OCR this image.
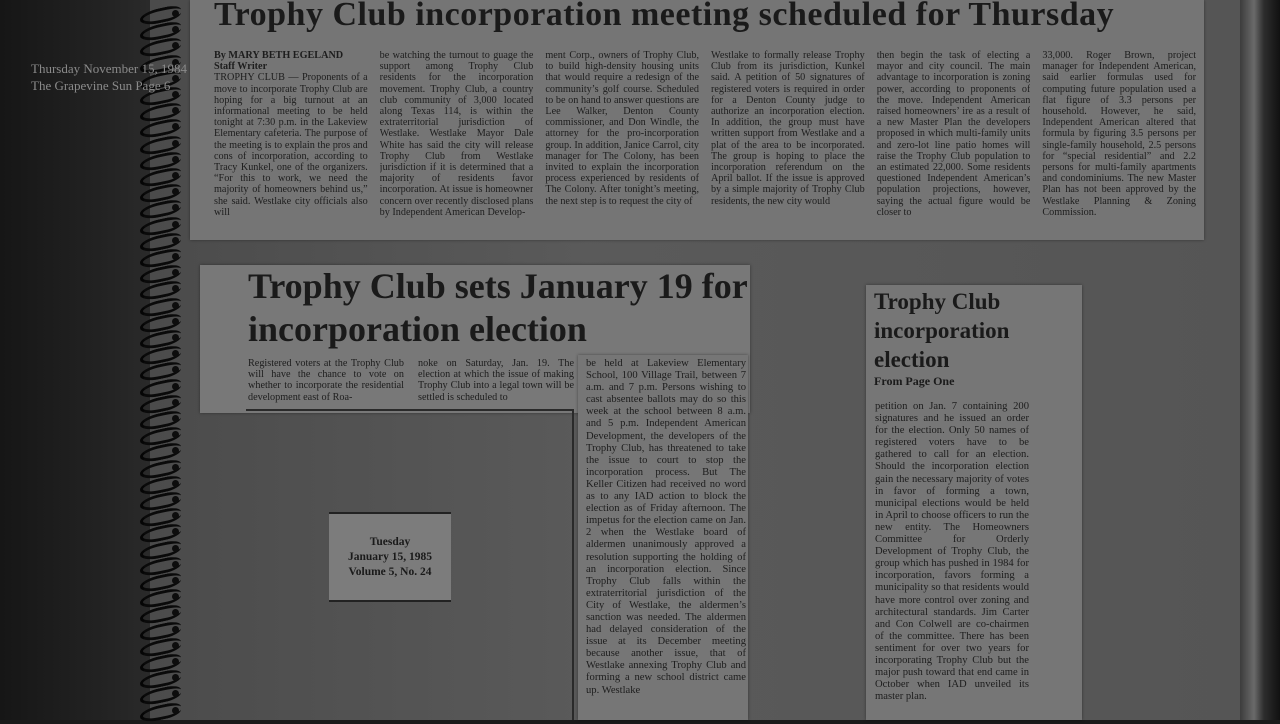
Thursday November 15, 1984
The Grapevine Sun Page 6
Trophy Club incorporation meeting scheduled for Thursday
By MARY BETH EGELAND
Staff Writer
TROPHY CLUB — Proponents of a move to incorporate Trophy Club are hoping for a big turnout at an informational meeting to be held tonight at 7:30 p.m. in the Lakeview Elementary cafeteria. The purpose of the meeting is to explain the pros and cons of incorporation, according to Tracy Kunkel, one of the organizers. “For this to work, we need the majority of homeowners behind us,” she said. Westlake city officials also will
be watching the turnout to guage the support among Trophy Club residents for the incorporation movement. Trophy Club, a country club community of 3,000 located along Texas 114, is within the extraterritorial jurisdiction of Westlake. Westlake Mayor Dale White has said the city will release Trophy Club from Westlake jurisdiction if it is determined that a majority of residents favor incorporation. At issue is homeowner concern over recently disclosed plans by Independent American Develop-
ment Corp., owners of Trophy Club, to build high-density housing units that would require a redesign of the community’s golf course. Scheduled to be on hand to answer questions are Lee Walker, Denton County commissioner, and Don Windle, the attorney for the pro-incorporation group. In addition, Janice Carrol, city manager for The Colony, has been invited to explain the incorporation process experienced by residents of The Colony. After tonight’s meeting, the next step is to request the city of
Westlake to formally release Trophy Club from its jurisdiction, Kunkel said. A petition of 50 signatures of registered voters is required in order for a Denton County judge to authorize an incorporation election. In addition, the group must have written support from Westlake and a plat of the area to be incorporated. The group is hoping to place the incorporation referendum on the April ballot. If the issue is approved by a simple majority of Trophy Club residents, the new city would
then begin the task of electing a mayor and city council. The main advantage to incorporation is zoning power, according to proponents of the move. Independent American raised homeowners’ ire as a result of a new Master Plan the developers proposed in which multi-family units and zero-lot line patio homes will raise the Trophy Club population to an estimated 22,000. Some residents questioned Independent American’s population projections, however, saying the actual figure would be closer to
33,000. Roger Brown, project manager for Independent American, said earlier formulas used for computing future population used a flat figure of 3.3 persons per household. However, he said, Independent American altered that formula by figuring 3.5 persons per single-family household, 2.5 persons for “special residential” and 2.2 persons for multi-family apartments and condominiums. The new Master Plan has not been approved by the Westlake Planning & Zoning Commission.
Trophy Club sets January 19 for incorporation election
Registered voters at the Trophy Club will have the chance to vote on whether to incorporate the residential development east of Roa-
noke on Saturday, Jan. 19. The election at which the issue of making Trophy Club into a legal town will be settled is scheduled to
be held at Lakeview Elementary School, 100 Village Trail, between 7 a.m. and 7 p.m. Persons wishing to cast absentee ballots may do so this week at the school between 8 a.m. and 5 p.m. Independent American Development, the developers of the Trophy Club, has threatened to take the issue to court to stop the incorporation process. But The Keller Citizen had received no word as to any IAD action to block the election as of Friday afternoon. The impetus for the election came on Jan. 2 when the Westlake board of aldermen unanimously approved a resolution supporting the holding of an incorporation election. Since Trophy Club falls within the extraterritorial jurisdiction of the City of Westlake, the aldermen’s sanction was needed. The aldermen had delayed consideration of the issue at its December meeting because another issue, that of Westlake annexing Trophy Club and forming a new school district came up. Westlake
Tuesday
January 15, 1985
Volume 5, No. 24
Trophy Club incorporation election
From Page One
petition on Jan. 7 containing 200 signatures and he issued an order for the election. Only 50 names of registered voters have to be gathered to call for an election. Should the incorporation election gain the necessary majority of votes in favor of forming a town, municipal elections would be held in April to choose officers to run the new entity. The Homeowners Committee for Orderly Development of Trophy Club, the group which has pushed in 1984 for incorporation, favors forming a municipality so that residents would have more control over zoning and architectural standards. Jim Carter and Con Colwell are co-chairmen of the committee. There has been sentiment for over two years for incorporating Trophy Club but the major push toward that end came in October when IAD unveiled its master plan.
